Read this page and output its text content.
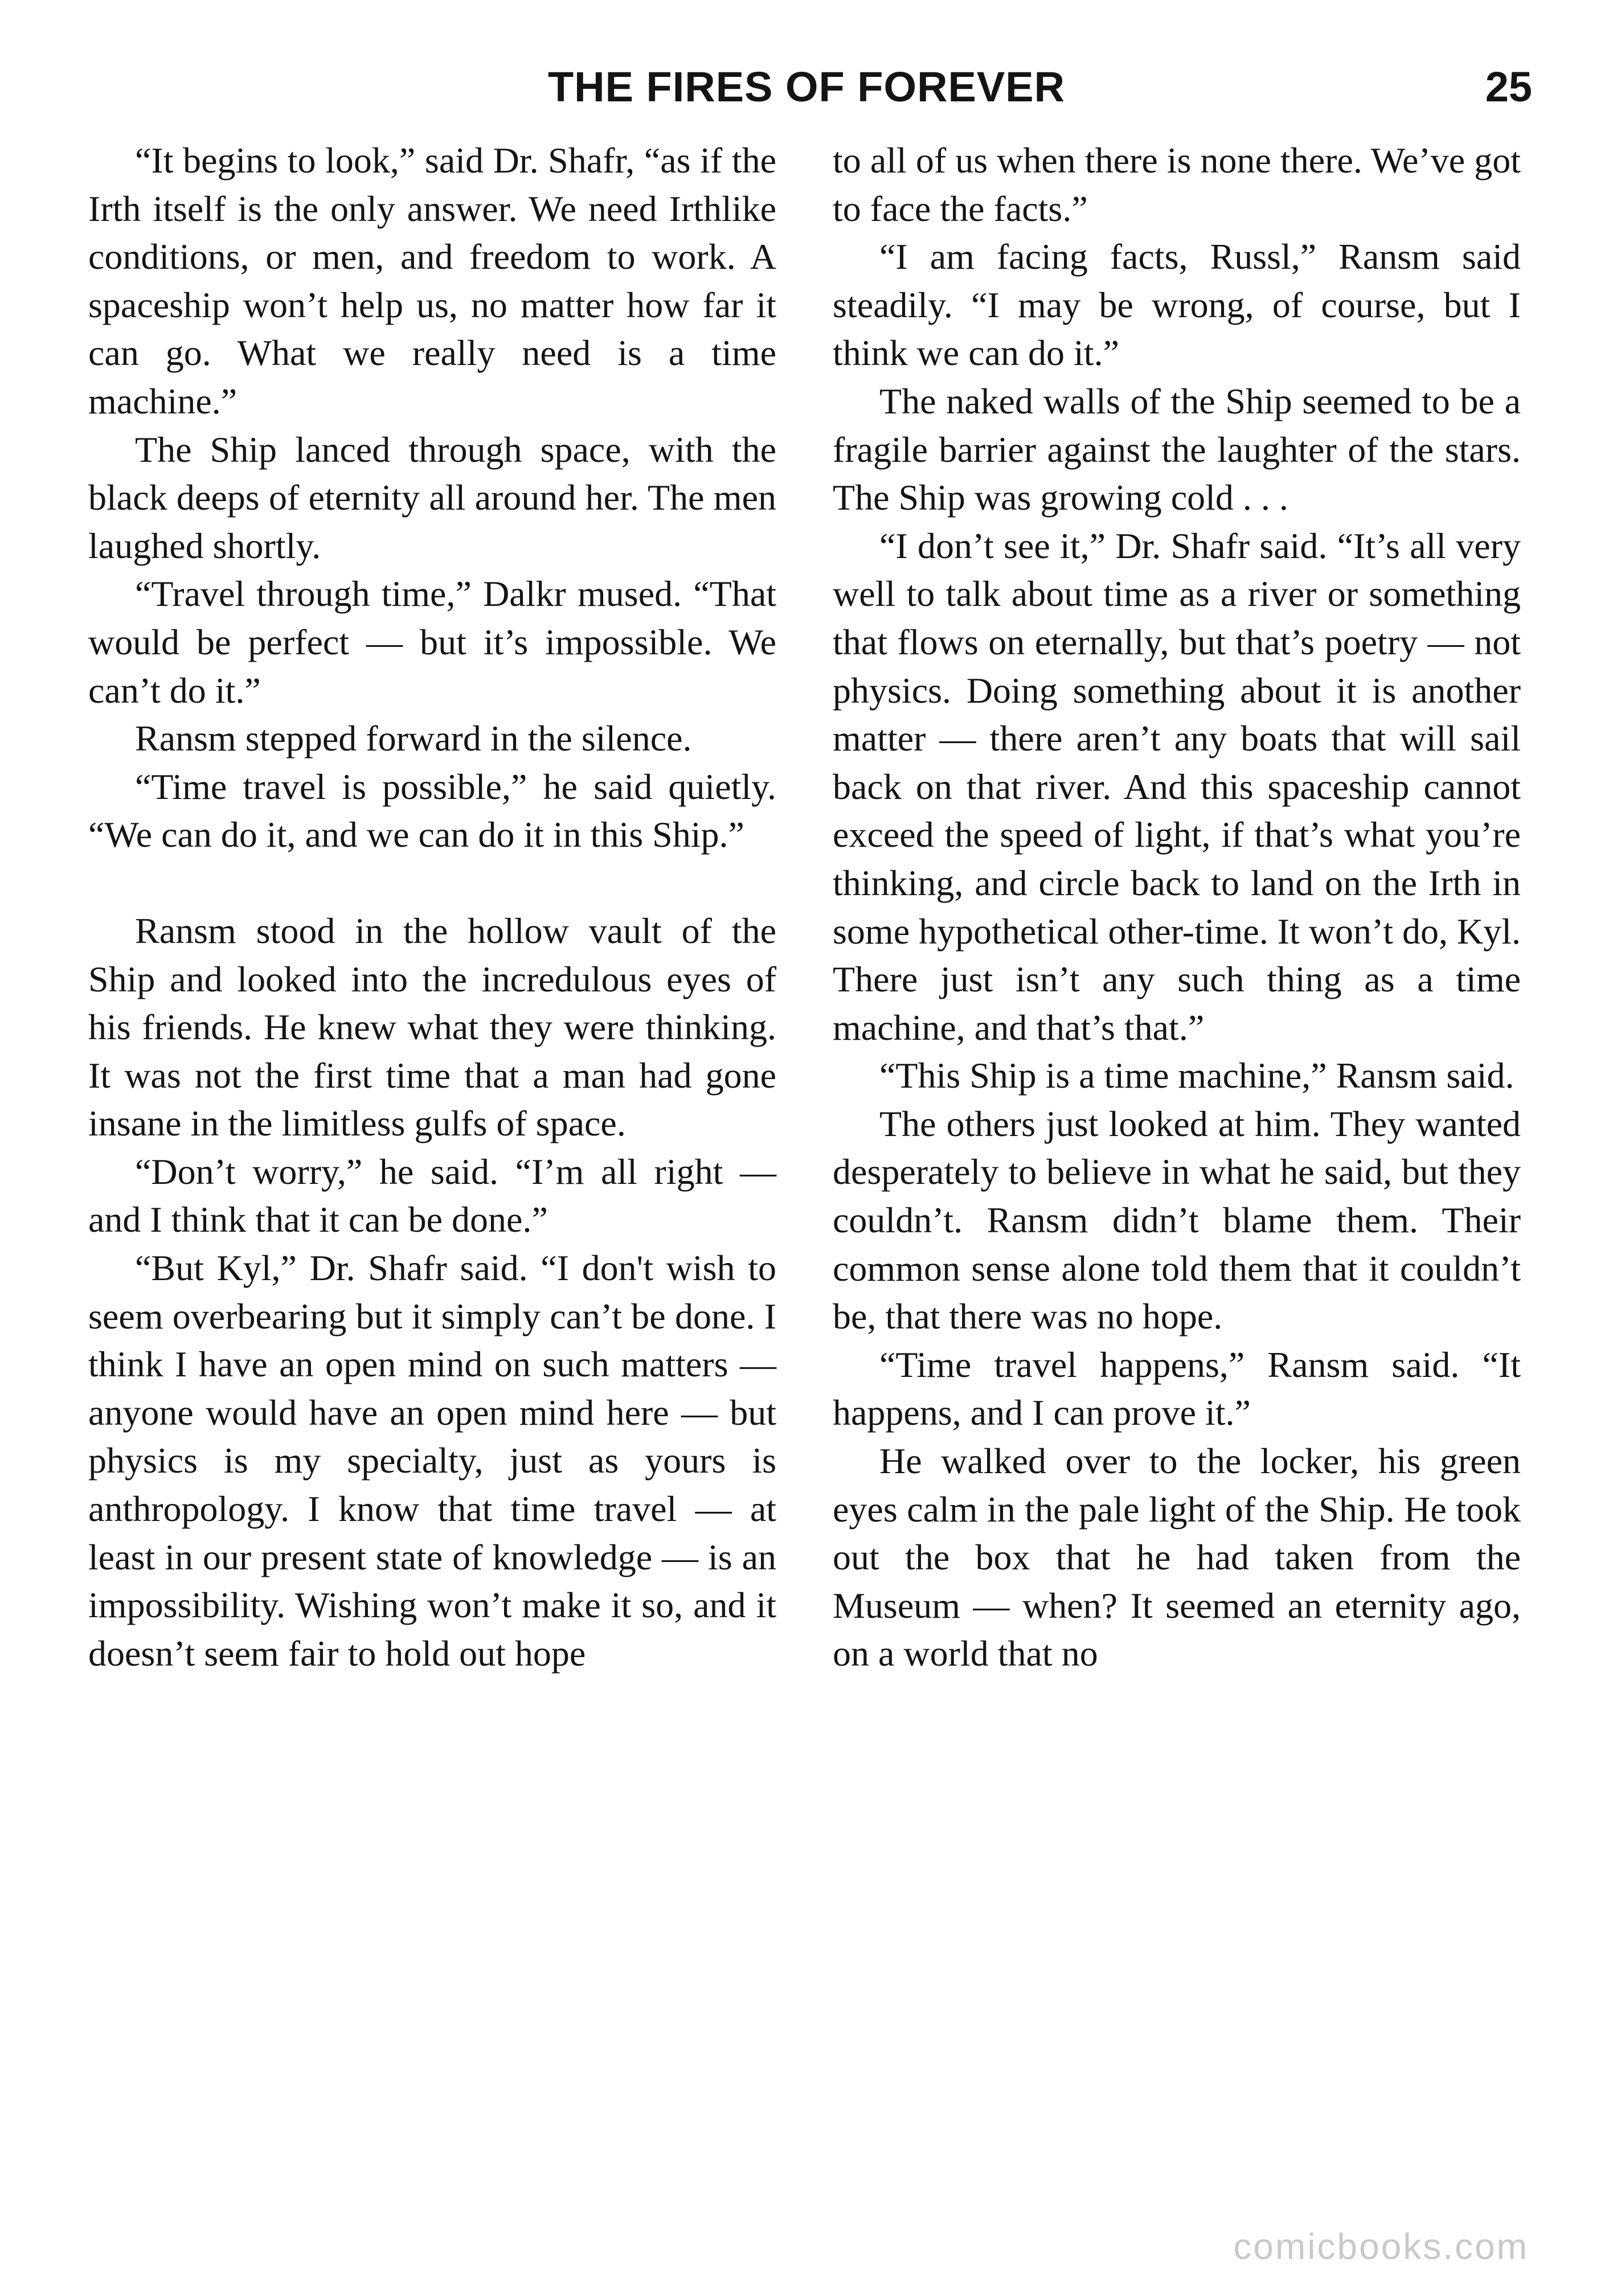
THE FIRES OF FOREVER	25

“It begins to look,” said Dr. Shafr, “as if the Irth itself is the only answer. We need Irthlike conditions, or men, and freedom to work. A spaceship won’t help us, no matter how far it can go. What we really need is a time machine.”

The Ship lanced through space, with the black deeps of eternity all around her. The men laughed shortly.

“Travel through time,” Dalkr mused. “That would be perfect — but it’s impossible. We can’t do it.”

Ransm stepped forward in the silence.

“Time travel is possible,” he said quietly. “We can do it, and we can do it in this Ship.”

Ransm stood in the hollow vault of the Ship and looked into the incredulous eyes of his friends. He knew what they were thinking. It was not the first time that a man had gone insane in the limitless gulfs of space.

“Don’t worry,” he said. “I’m all right — and I think that it can be done.”

“But Kyl,” Dr. Shafr said. “I don't wish to seem overbearing but it simply can’t be done. I think I have an open mind on such matters — anyone would have an open mind here — but physics is my specialty, just as yours is anthropology. I know that time travel — at least in our present state of knowledge — is an impossibility. Wishing won’t make it so, and it doesn’t seem fair to hold out hope

to all of us when there is none there. We’ve got to face the facts.”

“I am facing facts, Russl,” Ransm said steadily. “I may be wrong, of course, but I think we can do it.”

The naked walls of the Ship seemed to be a fragile barrier against the laughter of the stars. The Ship was growing cold . . .

“I don’t see it,” Dr. Shafr said. “It’s all very well to talk about time as a river or something that flows on eternally, but that’s poetry — not physics. Doing something about it is another matter — there aren’t any boats that will sail back on that river. And this spaceship cannot exceed the speed of light, if that’s what you’re thinking, and circle back to land on the Irth in some hypothetical other-time. It won’t do, Kyl. There just isn’t any such thing as a time machine, and that’s that.”

“This Ship is a time machine,” Ransm said.

The others just looked at him. They wanted desperately to believe in what he said, but they couldn’t. Ransm didn’t blame them. Their common sense alone told them that it couldn’t be, that there was no hope.

“Time travel happens,” Ransm said. “It happens, and I can prove it.”

He walked over to the locker, his green eyes calm in the pale light of the Ship. He took out the box that he had taken from the Museum — when? It seemed an eternity ago, on a world that no

comicbooks.com
